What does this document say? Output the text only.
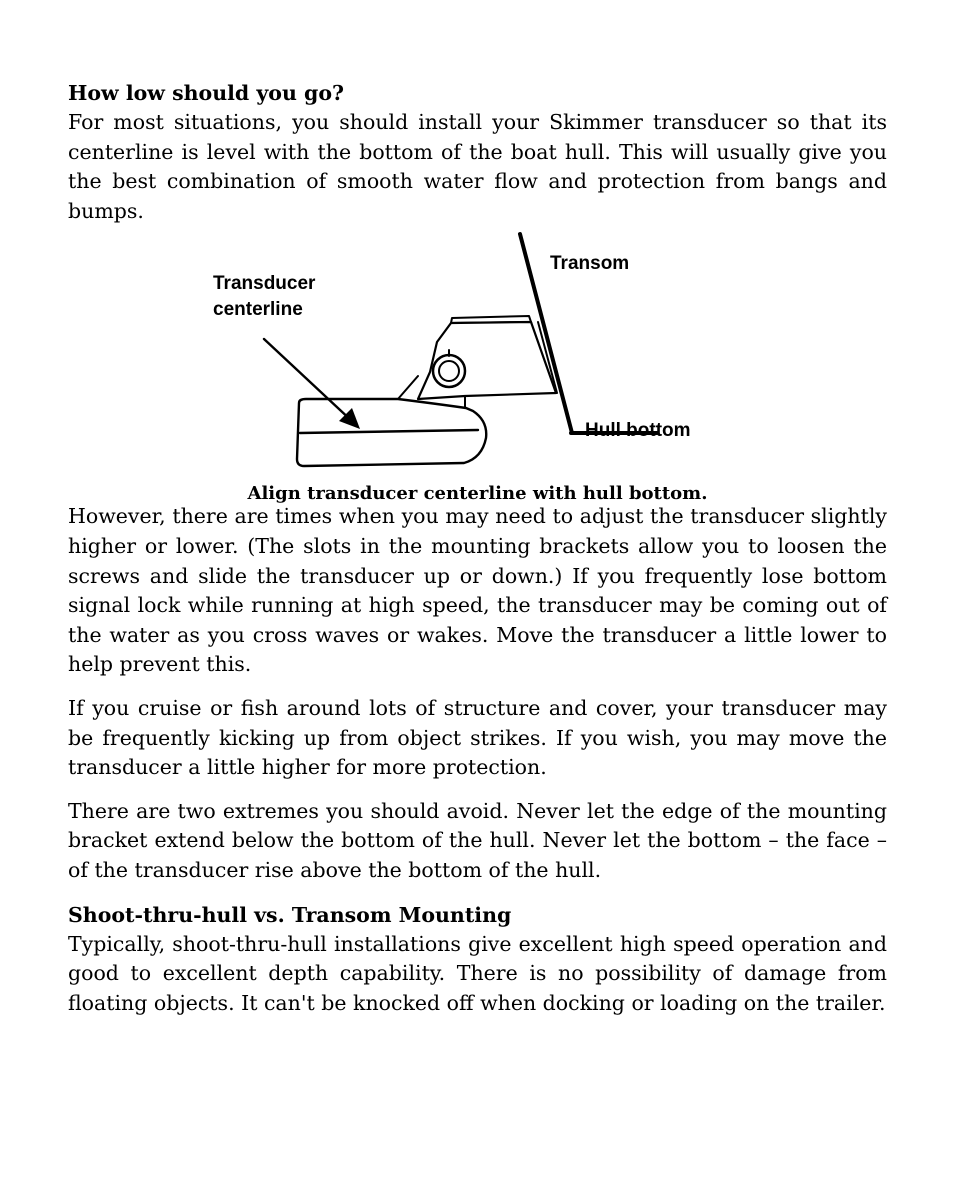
How low should you go?

For most situations, you should install your Skimmer transducer so that its centerline is level with the bottom of the boat hull. This will usually give you the best combination of smooth water flow and protection from bangs and bumps.

Transducer
centerline
Transom
Hull bottom
Align transducer centerline with hull bottom.

However, there are times when you may need to adjust the transducer slightly higher or lower. (The slots in the mounting brackets allow you to loosen the screws and slide the transducer up or down.) If you frequently lose bottom signal lock while running at high speed, the transducer may be coming out of the water as you cross waves or wakes. Move the transducer a little lower to help prevent this.

If you cruise or fish around lots of structure and cover, your transducer may be frequently kicking up from object strikes. If you wish, you may move the transducer a little higher for more protection.

There are two extremes you should avoid. Never let the edge of the mounting bracket extend below the bottom of the hull. Never let the bottom – the face – of the transducer rise above the bottom of the hull.

Shoot-thru-hull vs. Transom Mounting

Typically, shoot-thru-hull installations give excellent high speed operation and good to excellent depth capability. There is no possibility of damage from floating objects. It can't be knocked off when docking or loading on the trailer.
